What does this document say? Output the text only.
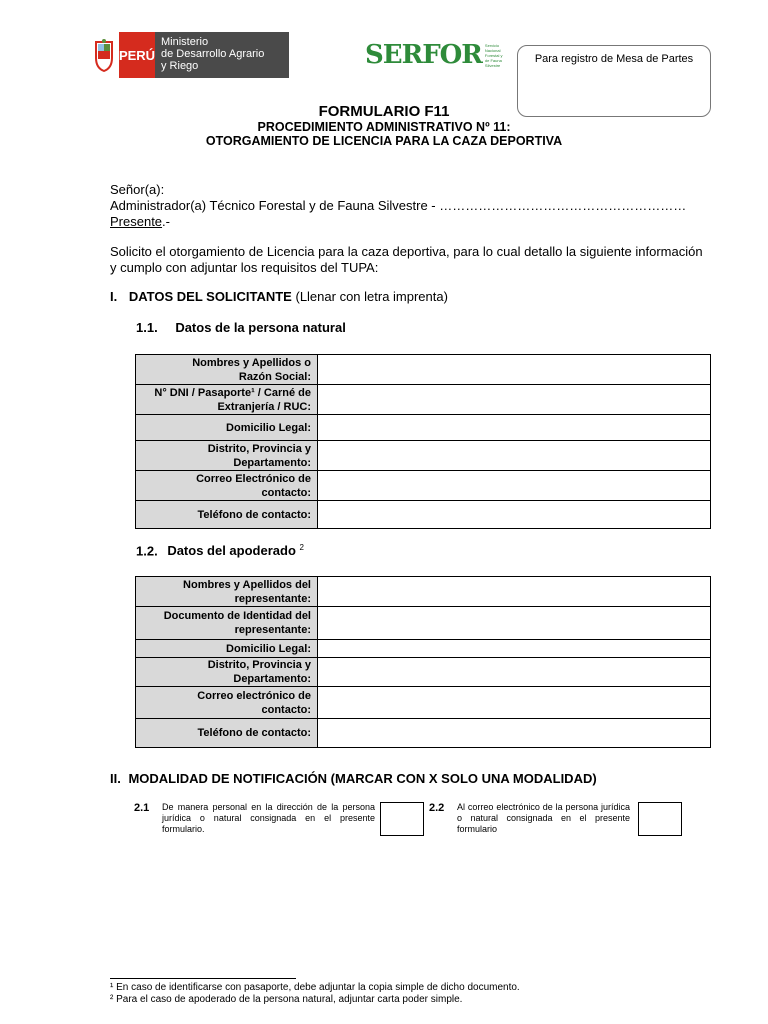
PERÚ
Ministerio
de Desarrollo Agrario
y Riego	SERFOR Servicio Nacional Forestal y de Fauna Silvestre	Para registro de Mesa de Partes
FORMULARIO F11
PROCEDIMIENTO ADMINISTRATIVO Nº 11:
OTORGAMIENTO DE LICENCIA PARA LA CAZA DEPORTIVA
Señor(a):
Administrador(a) Técnico Forestal y de Fauna Silvestre - …………………………………………………
Presente.-
Solicito el otorgamiento de Licencia para la caza deportiva, para lo cual detallo la siguiente información
y cumplo con adjuntar los requisitos del TUPA:
I. DATOS DEL SOLICITANTE (Llenar con letra imprenta)
1.1. Datos de la persona natural
Nombres y Apellidos o
Razón Social:	

N° DNI / Pasaporte¹ / Carné de
Extranjería / RUC:	

Domicilio Legal:	

Distrito, Provincia y
Departamento:	

Correo Electrónico de
contacto:	

Teléfono de contacto:	

1.2. Datos del apoderado $^2$
Nombres y Apellidos del
representante:	

Documento de Identidad del
representante:	

Domicilio Legal:	

Distrito, Provincia y
Departamento:	

Correo electrónico de
contacto:	

Teléfono de contacto:	

II. MODALIDAD DE NOTIFICACIÓN (MARCAR CON X SOLO UNA MODALIDAD)
2.1 De manera personal en la dirección de la persona jurídica o natural consignada en el presente formulario.
2.2 Al correo electrónico de la persona jurídica o natural consignada en el presente formulario
¹ En caso de identificarse con pasaporte, debe adjuntar la copia simple de dicho documento.
² Para el caso de apoderado de la persona natural, adjuntar carta poder simple.
